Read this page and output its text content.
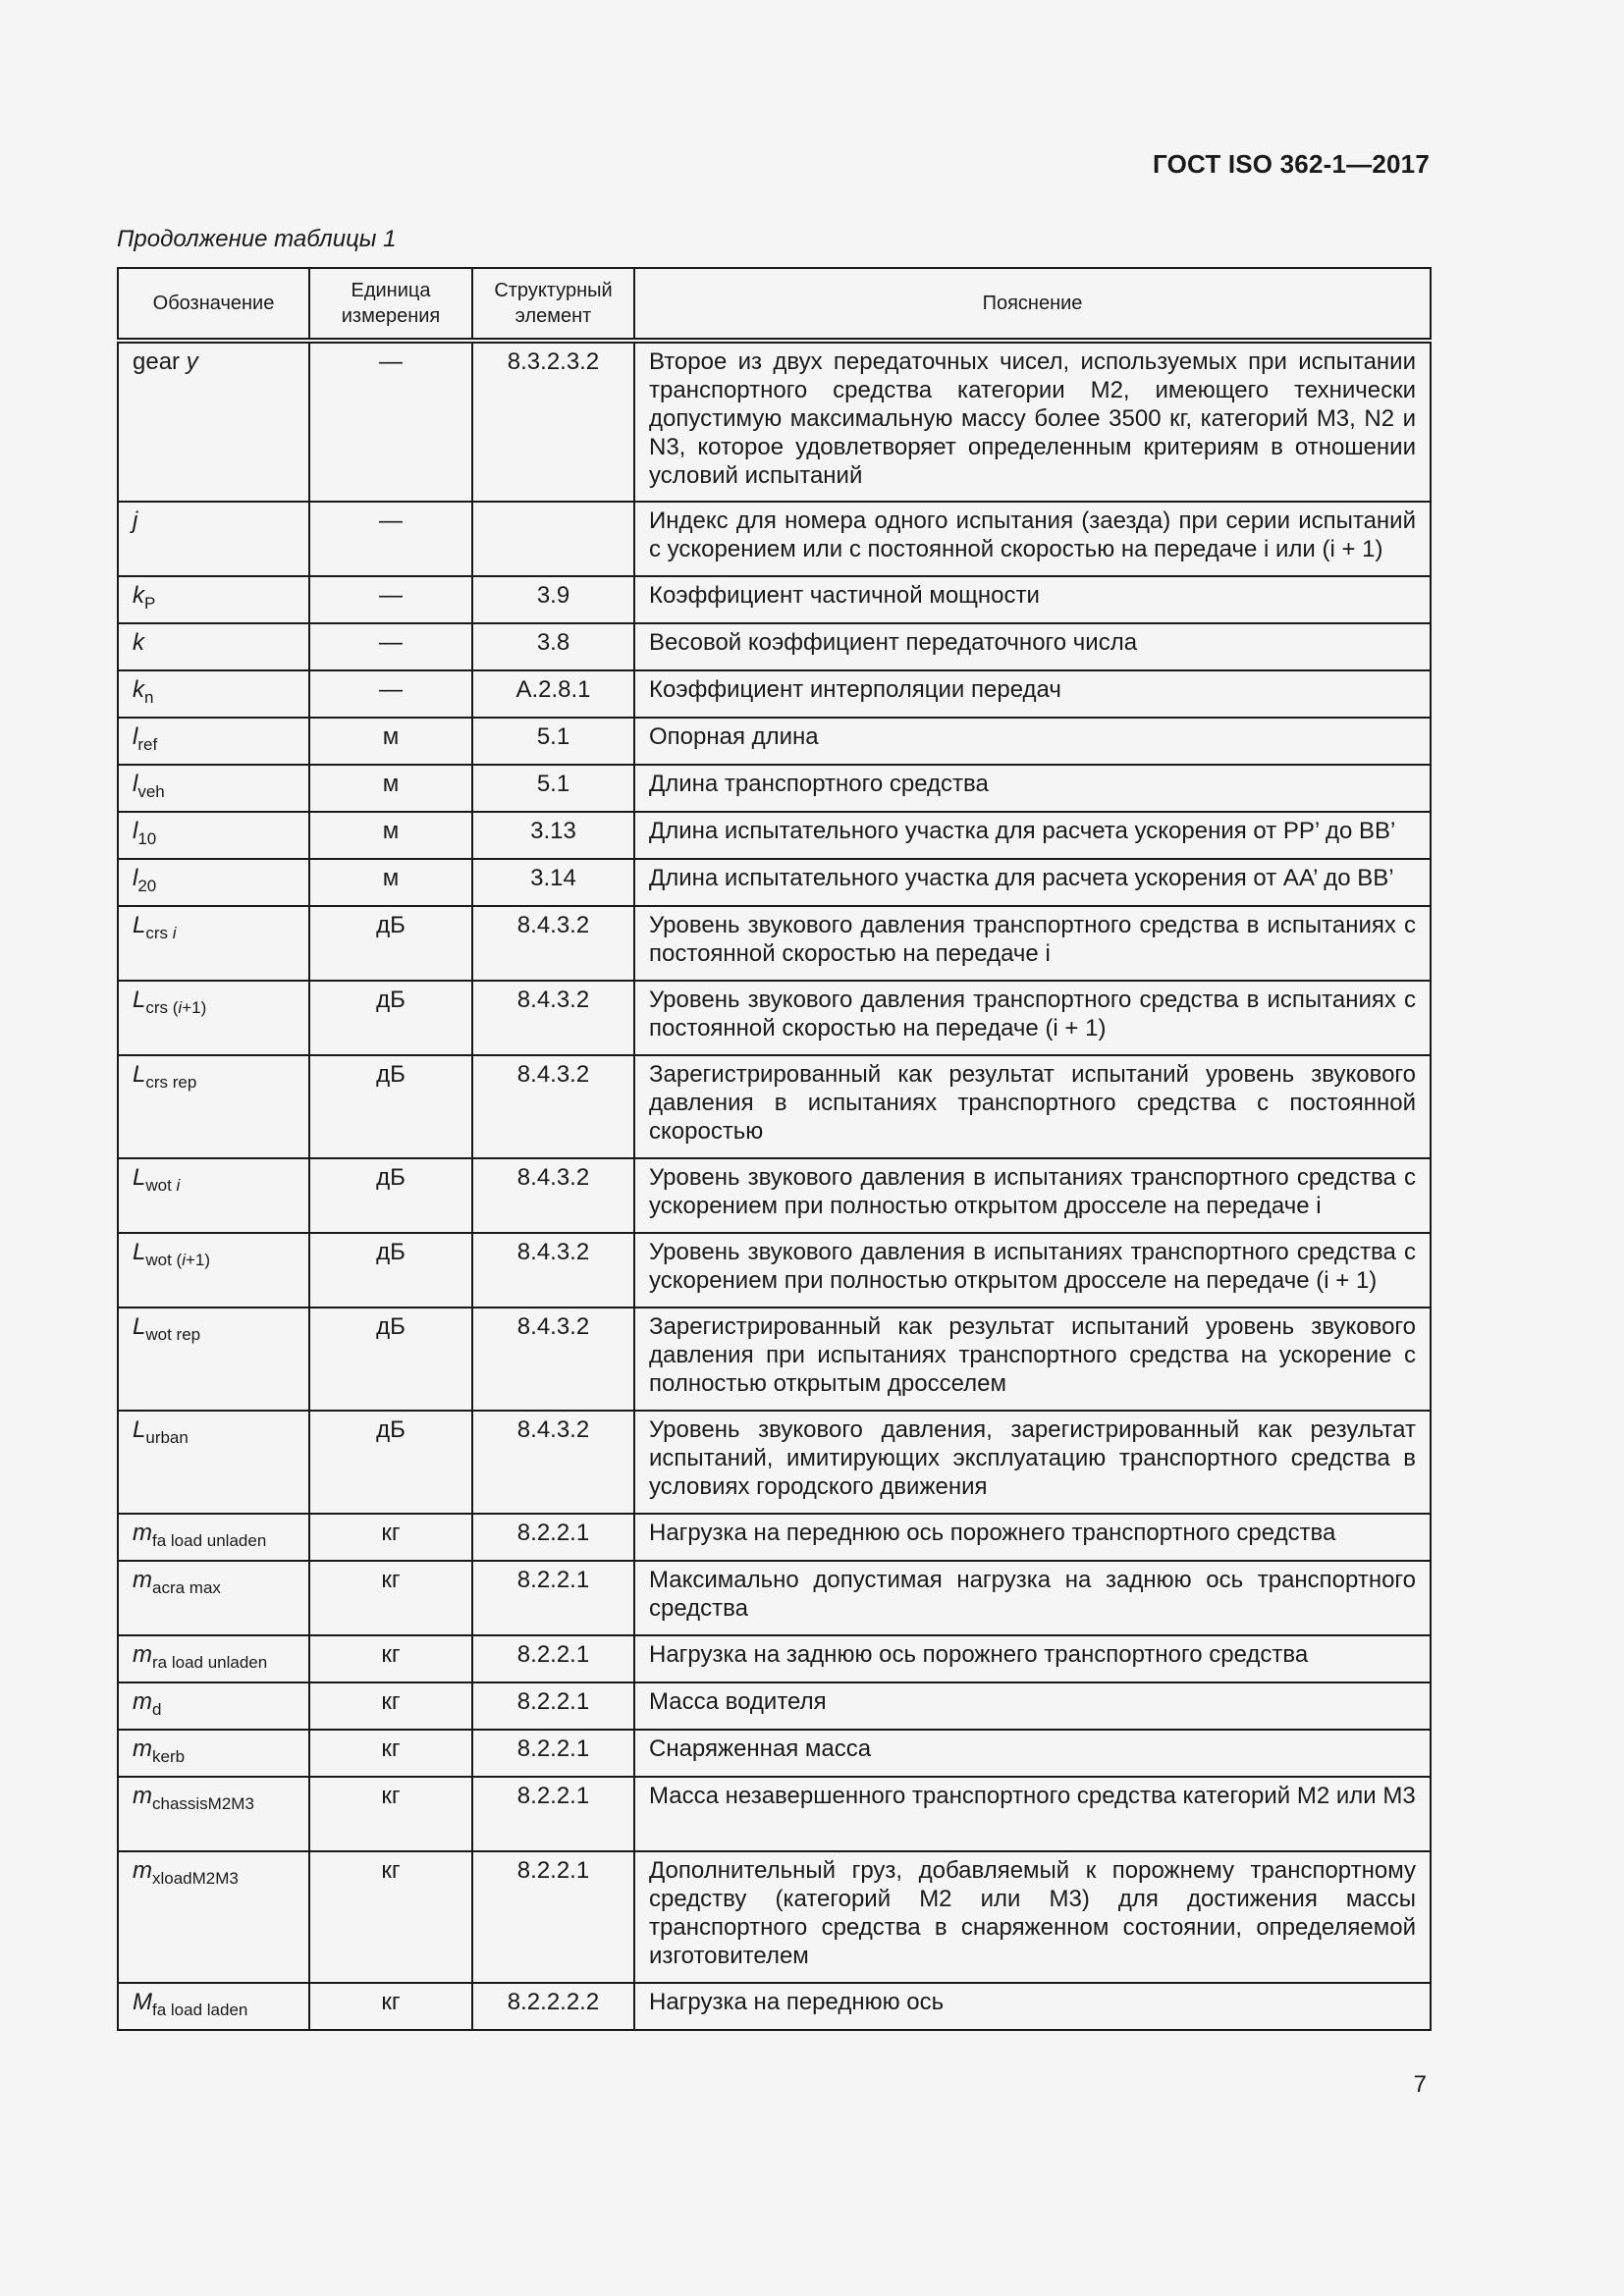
ГОСТ ISO 362-1—2017
Продолжение таблицы 1
Обозначение	Единица измерения	Структурный элемент	Пояснение
gear y	—	8.3.2.3.2	Второе из двух передаточных чисел, используемых при испытании транспортного средства категории М2, имеющего технически допустимую максимальную массу более 3500 кг, категорий М3, N2 и N3, которое удовлетворяет определенным критериям в отношении условий испытаний
j	—		Индекс для номера одного испытания (заезда) при серии испытаний с ускорением или с постоянной скоростью на передаче i или (i + 1)
$k_P$	—	3.9	Коэффициент частичной мощности
k	—	3.8	Весовой коэффициент передаточного числа
$k_n$	—	A.2.8.1	Коэффициент интерполяции передач
$l_{ref}$	м	5.1	Опорная длина
$l_{veh}$	м	5.1	Длина транспортного средства
$l_{10}$	м	3.13	Длина испытательного участка для расчета ускорения от PP’ до BB’
$l_{20}$	м	3.14	Длина испытательного участка для расчета ускорения от AA’ до BB’
$L_{crs i}$	дБ	8.4.3.2	Уровень звукового давления транспортного средства в испытаниях с постоянной скоростью на передаче i
$L_{crs (i+1)}$	дБ	8.4.3.2	Уровень звукового давления транспортного средства в испытаниях с постоянной скоростью на передаче (i + 1)
$L_{crs rep}$	дБ	8.4.3.2	Зарегистрированный как результат испытаний уровень звукового давления в испытаниях транспортного средства с постоянной скоростью
$L_{wot i}$	дБ	8.4.3.2	Уровень звукового давления в испытаниях транспортного средства с ускорением при полностью открытом дросселе на передаче i
$L_{wot (i+1)}$	дБ	8.4.3.2	Уровень звукового давления в испытаниях транспортного средства с ускорением при полностью открытом дросселе на передаче (i + 1)
$L_{wot rep}$	дБ	8.4.3.2	Зарегистрированный как результат испытаний уровень звукового давления при испытаниях транспортного средства на ускорение с полностью открытым дросселем
$L_{urban}$	дБ	8.4.3.2	Уровень звукового давления, зарегистрированный как результат испытаний, имитирующих эксплуатацию транспортного средства в условиях городского движения
$m_{fa load unladen}$	кг	8.2.2.1	Нагрузка на переднюю ось порожнего транспортного средства
$m_{acra max}$	кг	8.2.2.1	Максимально допустимая нагрузка на заднюю ось транспортного средства
$m_{ra load unladen}$	кг	8.2.2.1	Нагрузка на заднюю ось порожнего транспортного средства
$m_d$	кг	8.2.2.1	Масса водителя
$m_{kerb}$	кг	8.2.2.1	Снаряженная масса
$m_{chassisM2M3}$	кг	8.2.2.1	Масса незавершенного транспортного средства категорий М2 или М3
$m_{xloadM2M3}$	кг	8.2.2.1	Дополнительный груз, добавляемый к порожнему транспортному средству (категорий М2 или М3) для достижения массы транспортного средства в снаряженном состоянии, определяемой изготовителем
$M_{fa load laden}$	кг	8.2.2.2.2	Нагрузка на переднюю ось
7
